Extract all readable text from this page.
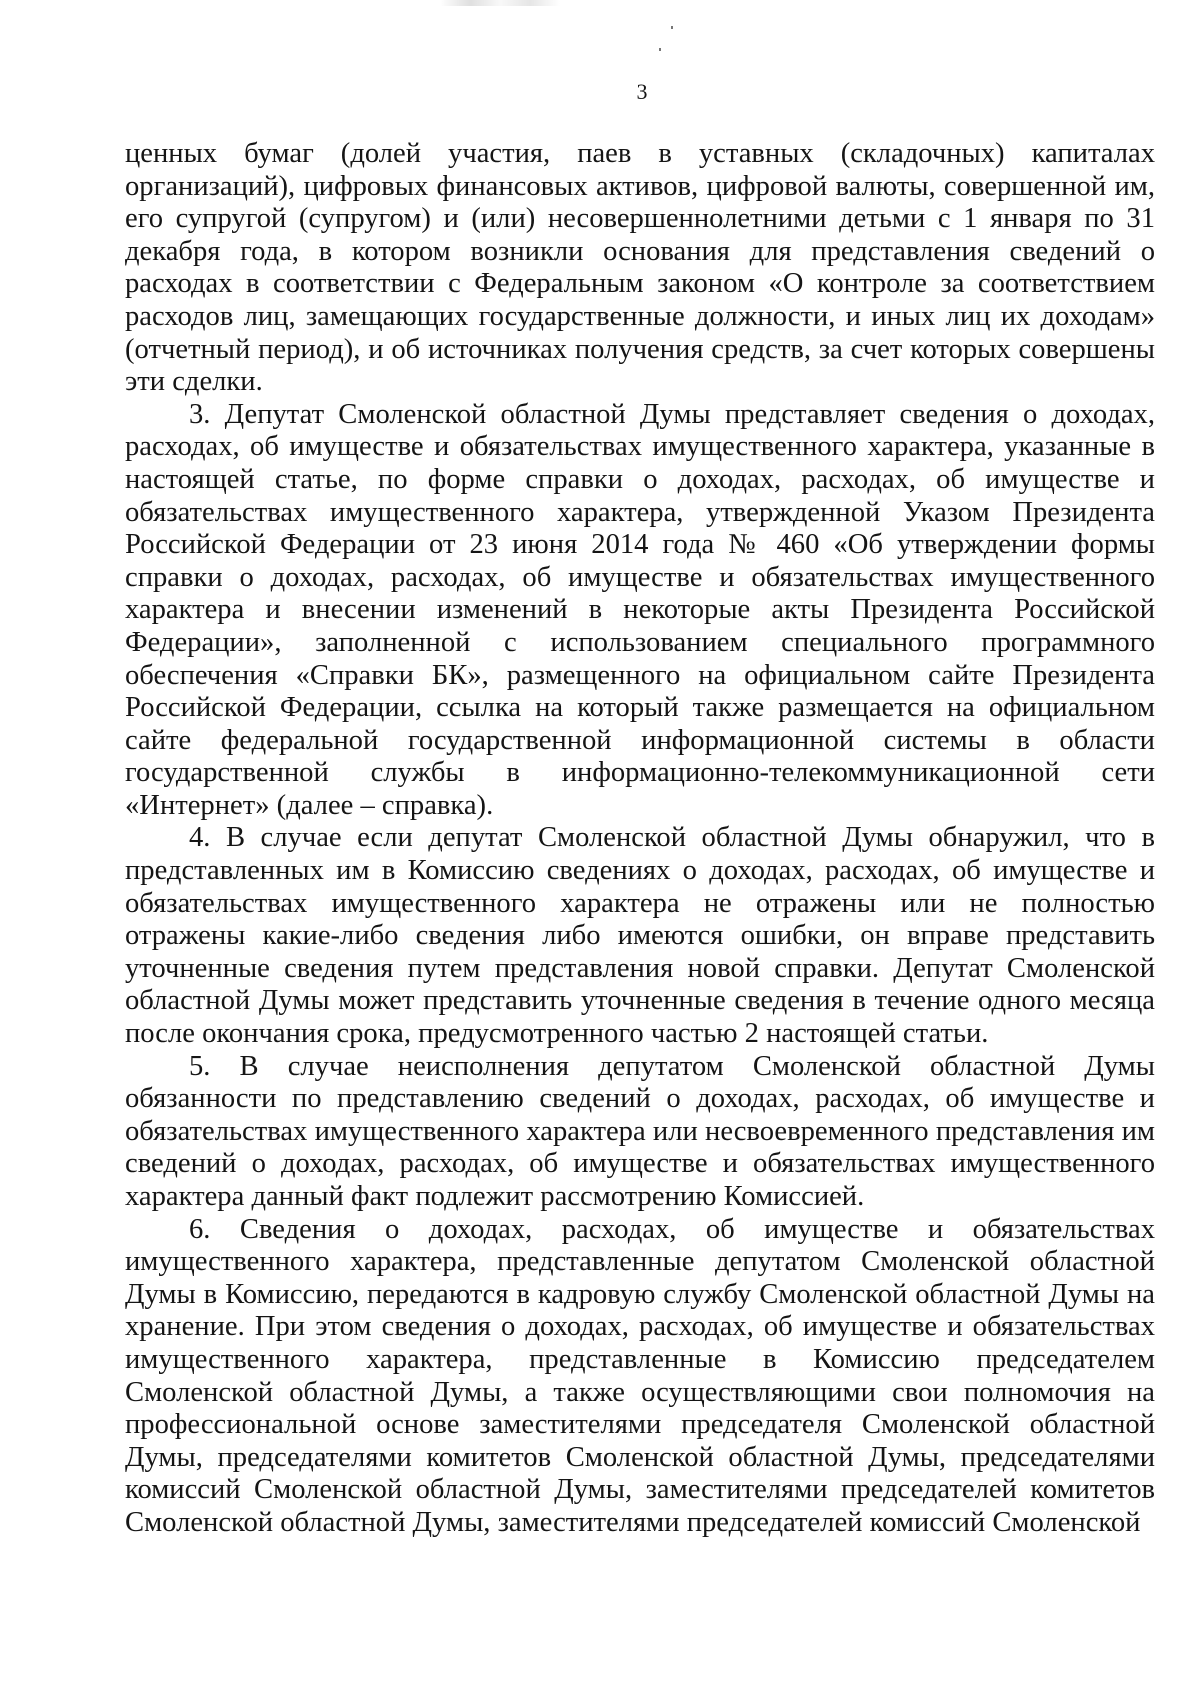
3

ценных бумаг (долей участия, паев в уставных (складочных) капиталах организаций), цифровых финансовых активов, цифровой валюты, совершенной им, его супругой (супругом) и (или) несовершеннолетними детьми с 1 января по 31 декабря года, в котором возникли основания для представления сведений о расходах в соответствии с Федеральным законом «О контроле за соответствием расходов лиц, замещающих государственные должности, и иных лиц их доходам» (отчетный период), и об источниках получения средств, за счет которых совершены эти сделки.

3. Депутат Смоленской областной Думы представляет сведения о доходах, расходах, об имуществе и обязательствах имущественного характера, указанные в настоящей статье, по форме справки о доходах, расходах, об имуществе и обязательствах имущественного характера, утвержденной Указом Президента Российской Федерации от 23 июня 2014 года № 460 «Об утверждении формы справки о доходах, расходах, об имуществе и обязательствах имущественного характера и внесении изменений в некоторые акты Президента Российской Федерации», заполненной с использованием специального программного обеспечения «Справки БК», размещенного на официальном сайте Президента Российской Федерации, ссылка на который также размещается на официальном сайте федеральной государственной информационной системы в области государственной службы в информационно-телекоммуникационной сети «Интернет» (далее – справка).

4. В случае если депутат Смоленской областной Думы обнаружил, что в представленных им в Комиссию сведениях о доходах, расходах, об имуществе и обязательствах имущественного характера не отражены или не полностью отражены какие-либо сведения либо имеются ошибки, он вправе представить уточненные сведения путем представления новой справки. Депутат Смоленской областной Думы может представить уточненные сведения в течение одного месяца после окончания срока, предусмотренного частью 2 настоящей статьи.

5. В случае неисполнения депутатом Смоленской областной Думы обязанности по представлению сведений о доходах, расходах, об имуществе и обязательствах имущественного характера или несвоевременного представления им сведений о доходах, расходах, об имуществе и обязательствах имущественного характера данный факт подлежит рассмотрению Комиссией.

6. Сведения о доходах, расходах, об имуществе и обязательствах имущественного характера, представленные депутатом Смоленской областной Думы в Комиссию, передаются в кадровую службу Смоленской областной Думы на хранение. При этом сведения о доходах, расходах, об имуществе и обязательствах имущественного характера, представленные в Комиссию председателем Смоленской областной Думы, а также осуществляющими свои полномочия на профессиональной основе заместителями председателя Смоленской областной Думы, председателями комитетов Смоленской областной Думы, председателями комиссий Смоленской областной Думы, заместителями председателей комитетов Смоленской областной Думы, заместителями председателей комиссий Смоленской
